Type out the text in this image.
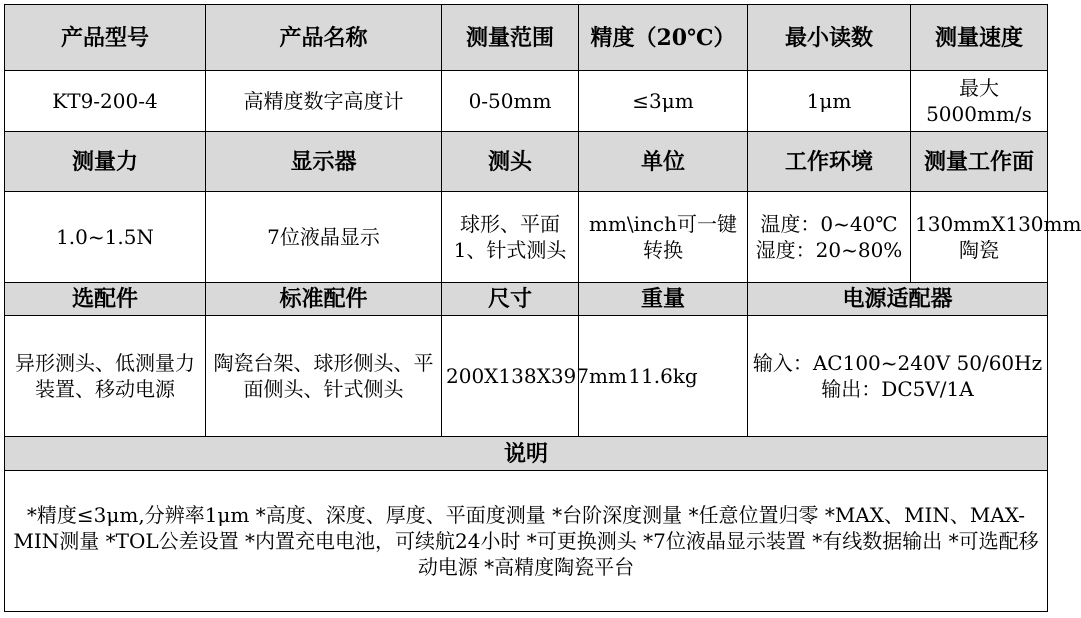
产品型号	产品名称	测量范围	精度（20℃）	最小读数	测量速度
KT9-200-4	高精度数字高度计	0-50mm	≤3μm	1μm	最大5000mm/s
测量力	显示器	测头	单位	工作环境	测量工作面
1.0~1.5N	7位液晶显示	球形、平面1、针式测头	mm\inch可一键转换	温度：0~40℃ 湿度：20~80%	130mmX130mm陶瓷
选配件	标准配件	尺寸	重量	电源适配器	
异形测头、低测量力装置、移动电源	陶瓷台架、球形侧头、平面侧头、针式侧头	200X138X397mm	11.6kg	输入：AC100~240V 50/60Hz 输出：DC5V/1A	
说明					
*精度≤3μm,分辨率1μm *高度、深度、厚度、平面度测量 *台阶深度测量 *任意位置归零 *MAX、MIN、MAX-MIN测量 *TOL公差设置 *内置充电电池，可续航24小时 *可更换测头 *7位液晶显示装置 *有线数据输出 *可选配移动电源 *高精度陶瓷平台					
